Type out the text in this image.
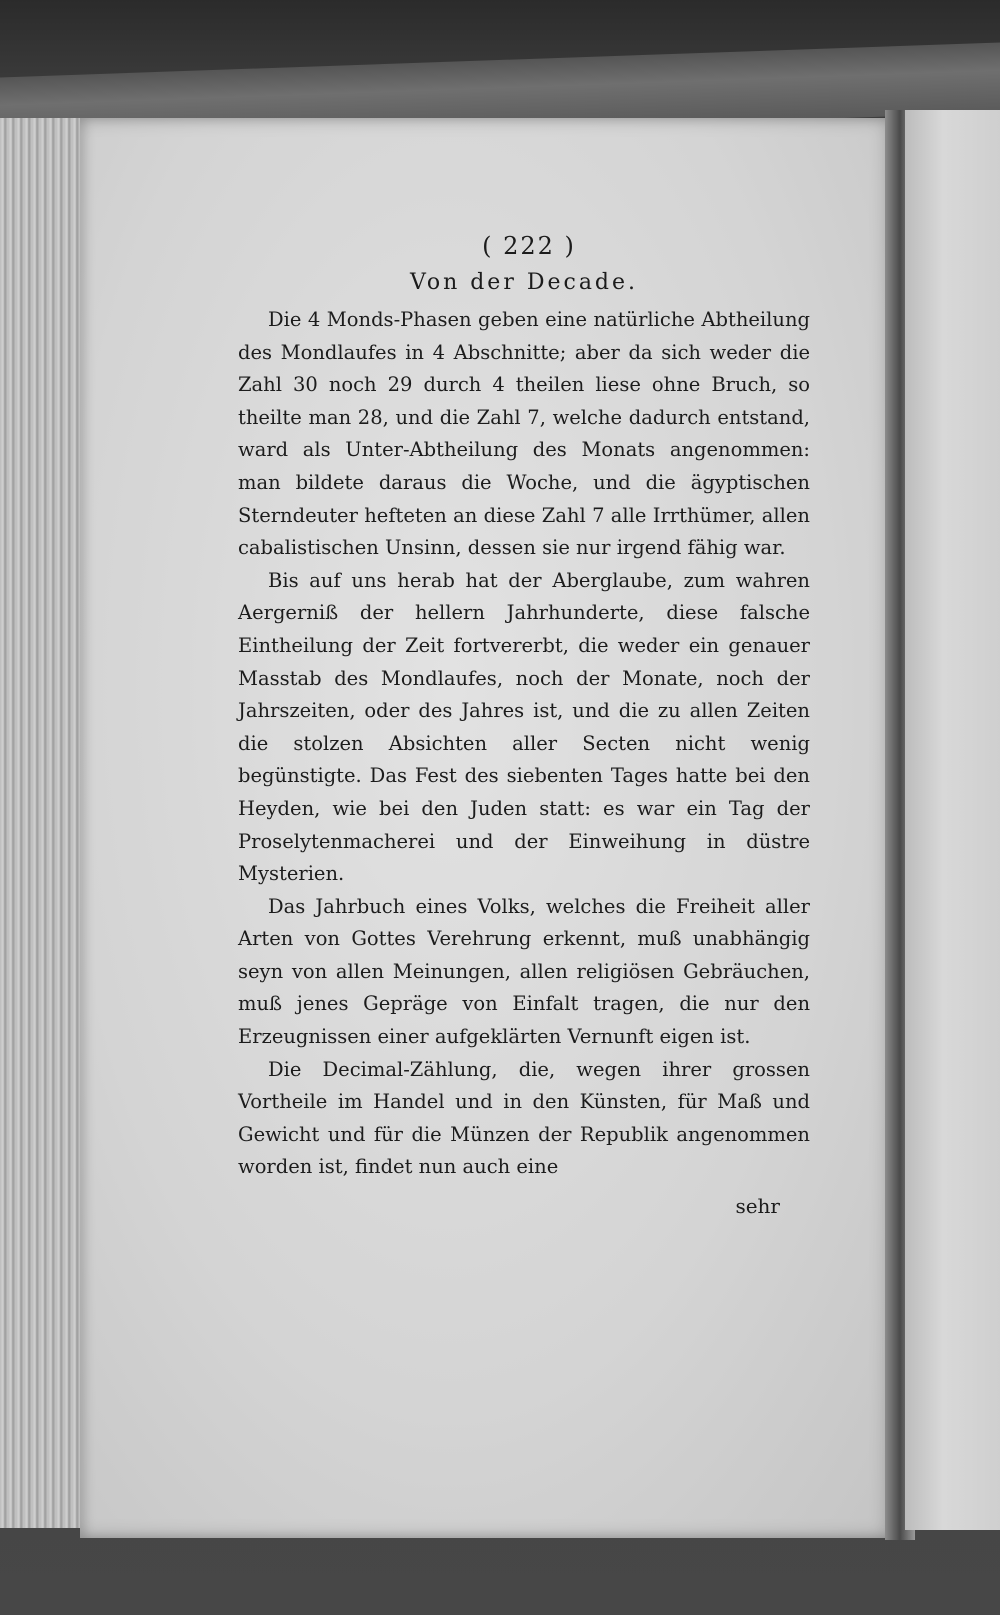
( 222 )
Von der Decade.

Die 4 Monds-Phasen geben eine natürliche Abtheilung des Mondlaufes in 4 Abschnitte; aber da sich weder die Zahl 30 noch 29 durch 4 theilen liese ohne Bruch, so theilte man 28, und die Zahl 7, welche dadurch entstand, ward als Unter-Abtheilung des Monats angenommen: man bildete daraus die Woche, und die ägyptischen Sterndeuter hefteten an diese Zahl 7 alle Irrthümer, allen cabalistischen Unsinn, dessen sie nur irgend fähig war.

Bis auf uns herab hat der Aberglaube, zum wahren Aergerniß der hellern Jahrhunderte, diese falsche Eintheilung der Zeit fortvererbt, die weder ein genauer Masstab des Mondlaufes, noch der Monate, noch der Jahrszeiten, oder des Jahres ist, und die zu allen Zeiten die stolzen Absichten aller Secten nicht wenig begünstigte. Das Fest des siebenten Tages hatte bei den Heyden, wie bei den Juden statt: es war ein Tag der Proselytenmacherei und der Einweihung in düstre Mysterien.

Das Jahrbuch eines Volks, welches die Freiheit aller Arten von Gottes Verehrung erkennt, muß unabhängig seyn von allen Meinungen, allen religiösen Gebräuchen, muß jenes Gepräge von Einfalt tragen, die nur den Erzeugnissen einer aufgeklärten Vernunft eigen ist.

Die Decimal-Zählung, die, wegen ihrer grossen Vortheile im Handel und in den Künsten, für Maß und Gewicht und für die Münzen der Republik angenommen worden ist, findet nun auch eine

sehr
